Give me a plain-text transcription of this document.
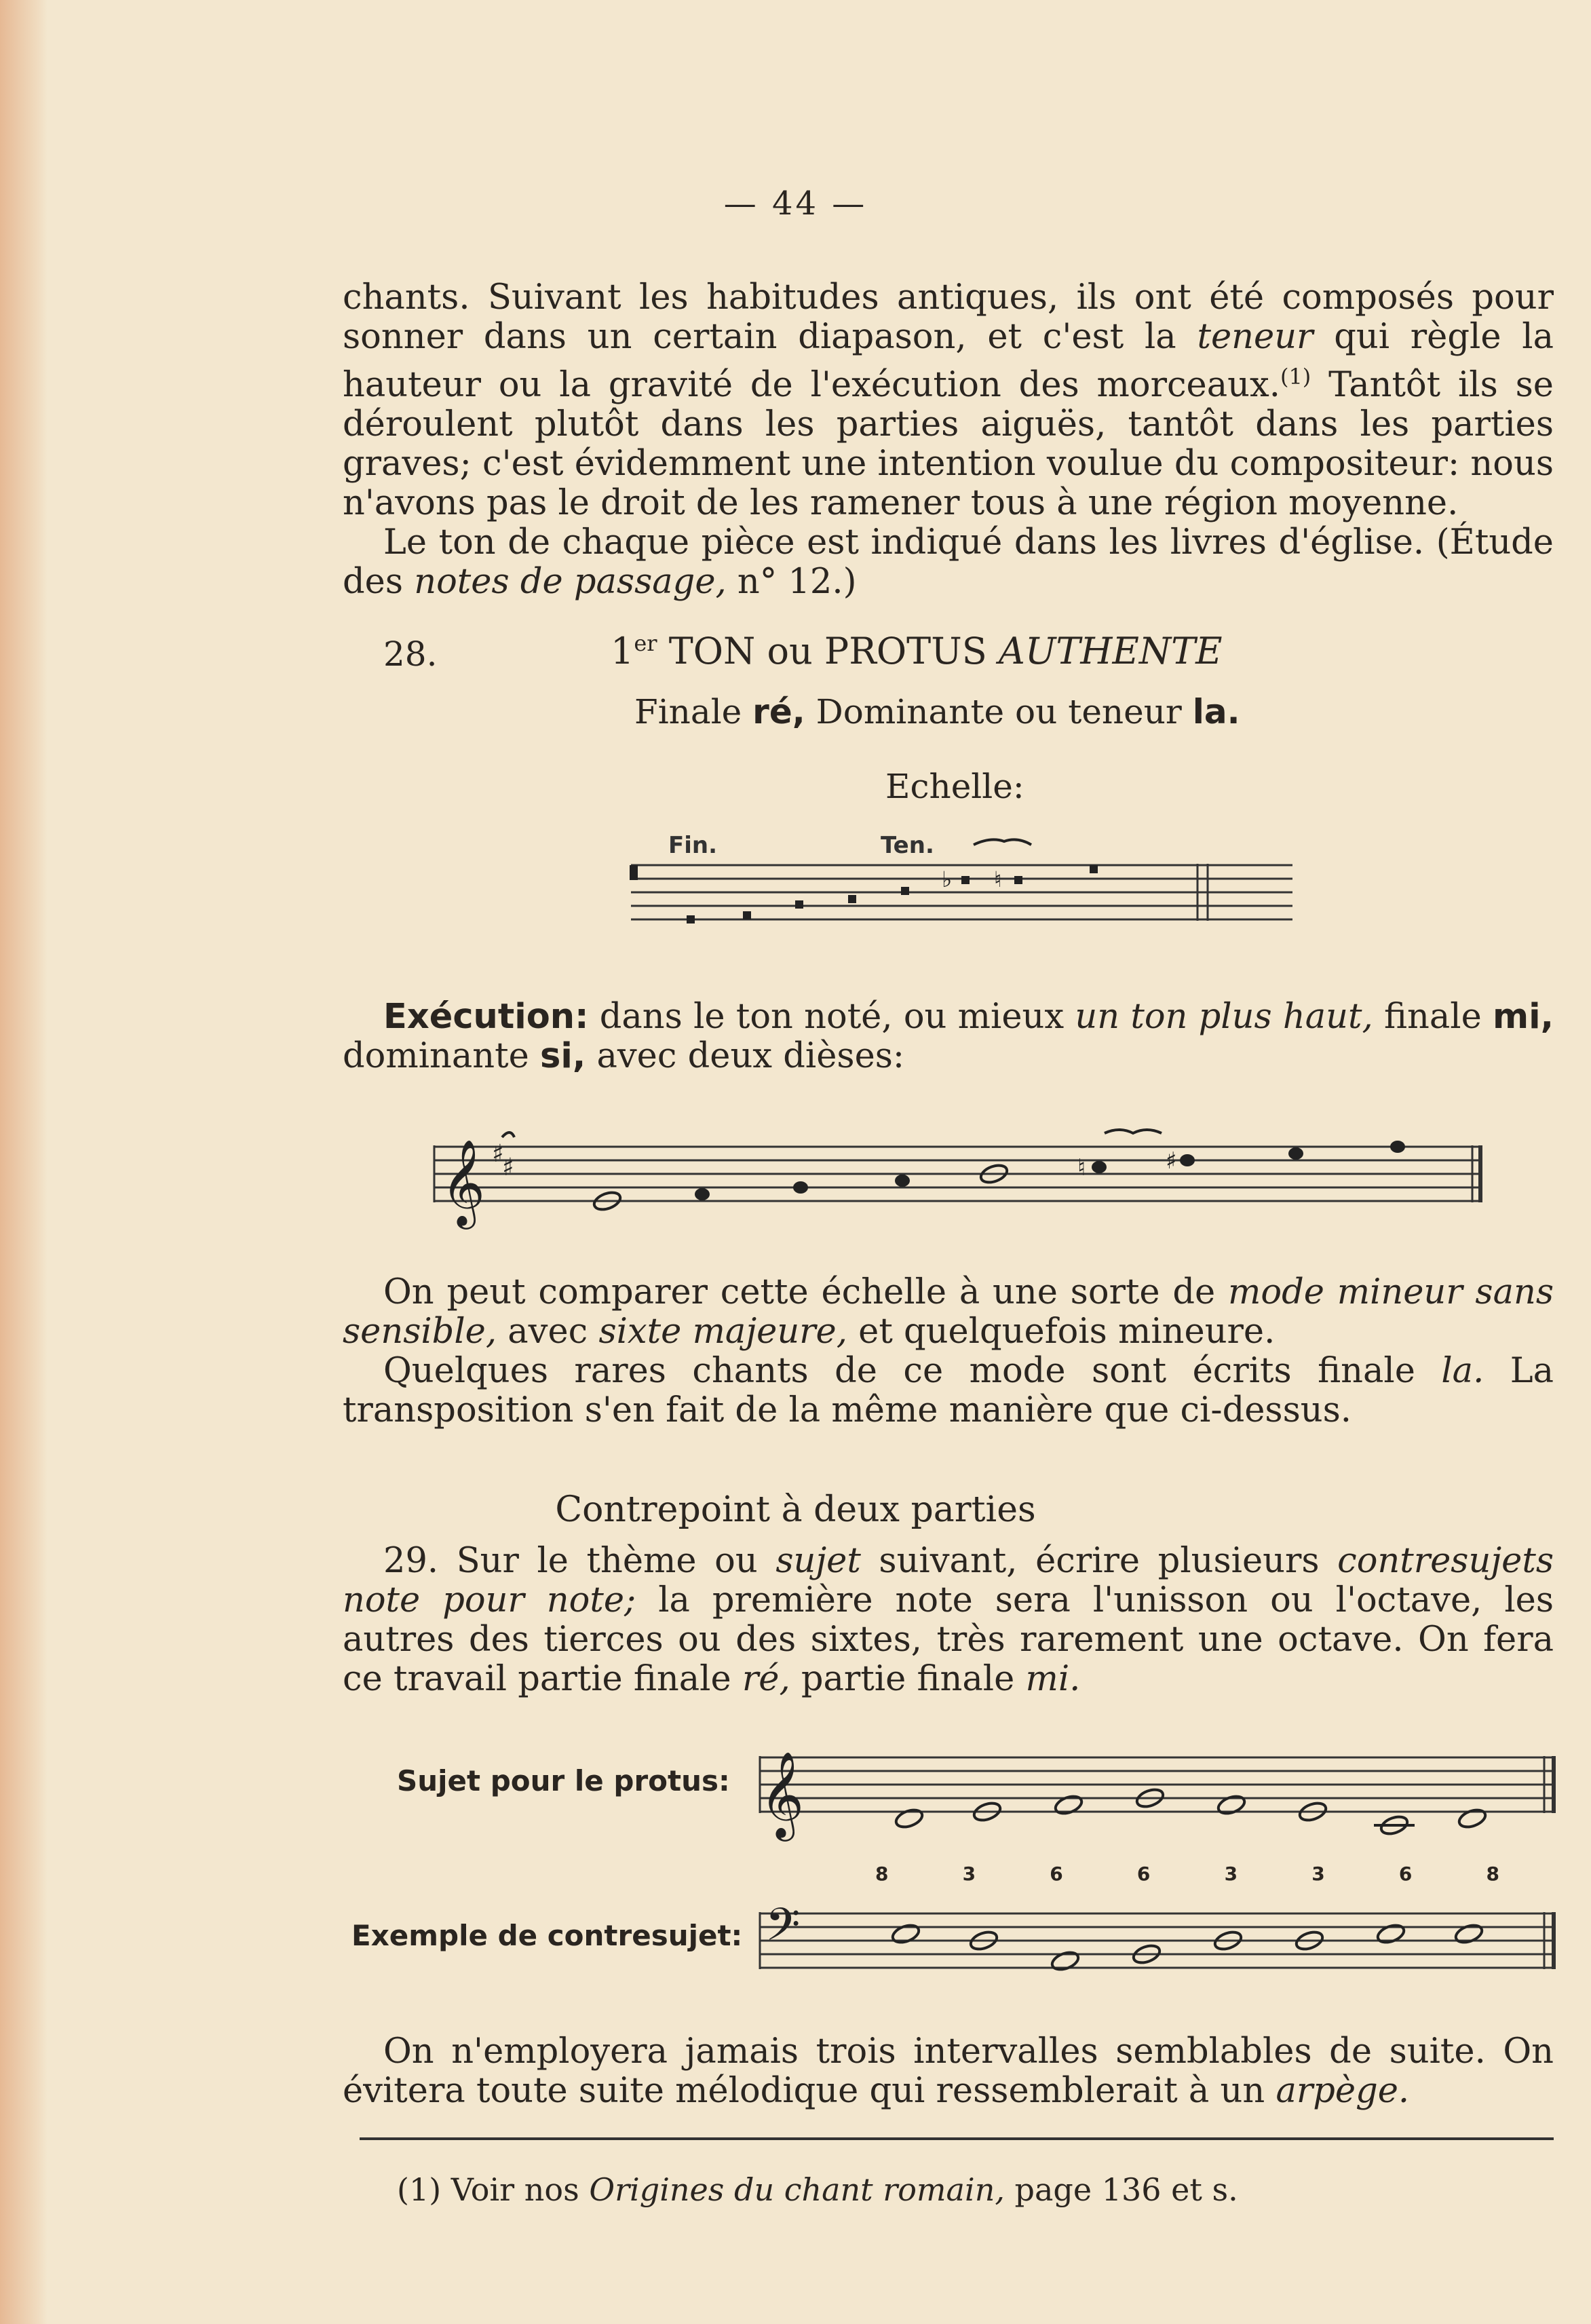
— 44 —

chants. Suivant les habitudes antiques, ils ont été composés pour sonner dans un certain diapason, et c'est la teneur qui règle la hauteur ou la gravité de l'exécution des morceaux.$^{(1)}$ Tantôt ils se déroulent plutôt dans les parties aiguës, tantôt dans les parties graves; c'est évidemment une intention voulue du compositeur: nous n'avons pas le droit de les ramener tous à une région moyenne.

Le ton de chaque pièce est indiqué dans les livres d'église. (Étude des notes de passage, n° 12.)

28.	1er TON ou PROTUS AUTHENTE
Finale ré, Dominante ou teneur la.
Echelle:
Fin.	Ten.
♭ ♮

Exécution: dans le ton noté, ou mieux un ton plus haut, finale mi, dominante si, avec deux dièses:

𝄞 ♯
♯	♮	♯

On peut comparer cette échelle à une sorte de mode mineur sans sensible, avec sixte majeure, et quelquefois mineure.

Quelques rares chants de ce mode sont écrits finale la. La transposition s'en fait de la même manière que ci-dessus.

Contrepoint à deux parties

29. Sur le thème ou sujet suivant, écrire plusieurs contresujets note pour note; la première note sera l'unisson ou l'octave, les autres des tierces ou des sixtes, très rarement une octave. On fera ce travail partie finale ré, partie finale mi.

Sujet pour le protus: 𝄞
8	3	6	6	3	3	6	8
Exemple de contresujet: 𝄢

On n'employera jamais trois intervalles semblables de suite. On évitera toute suite mélodique qui ressemblerait à un arpège.

(1) Voir nos Origines du chant romain, page 136 et s.
